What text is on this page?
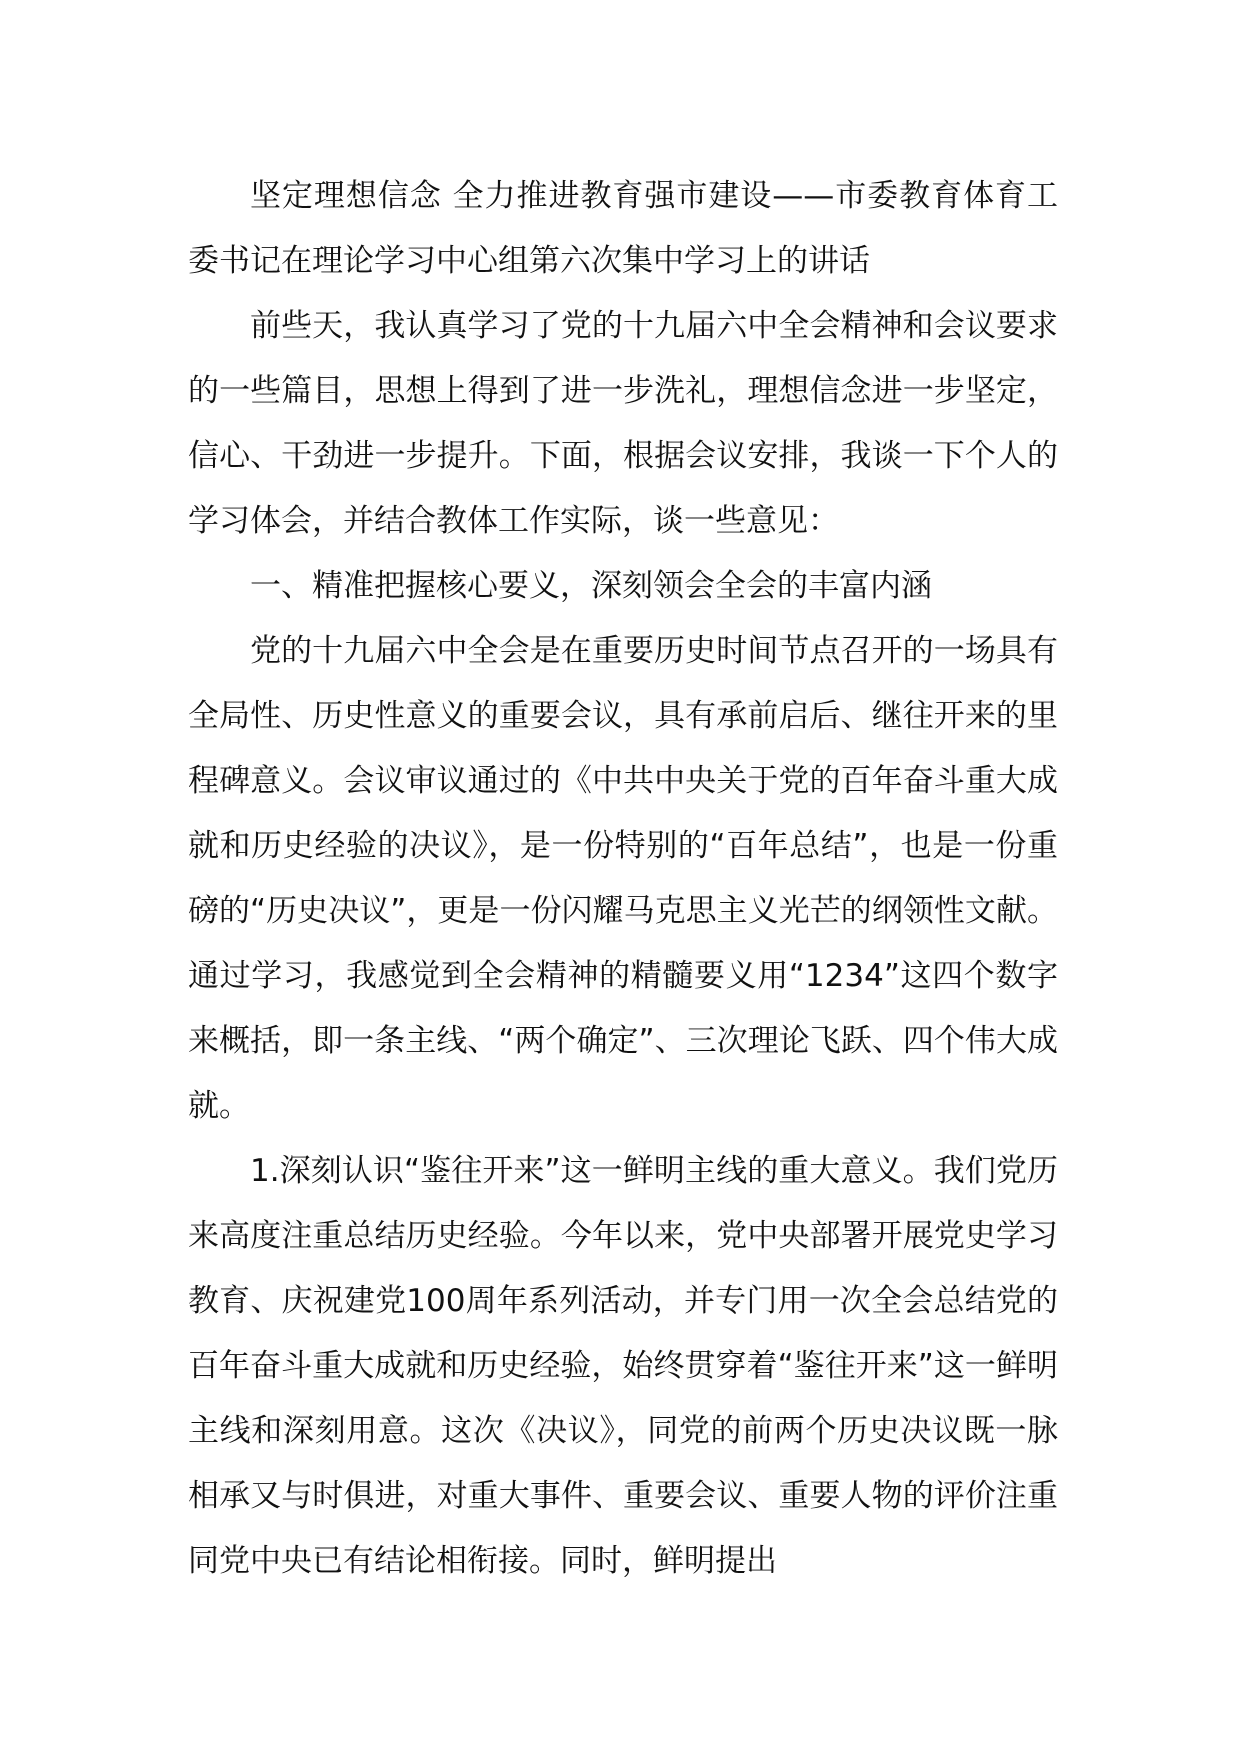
坚定理想信念 全力推进教育强市建设——市委教育体育工委书记在理论学习中心组第六次集中学习上的讲话

前些天，我认真学习了党的十九届六中全会精神和会议要求的一些篇目，思想上得到了进一步洗礼，理想信念进一步坚定，信心、干劲进一步提升。下面，根据会议安排，我谈一下个人的学习体会，并结合教体工作实际，谈一些意见：

一、精准把握核心要义，深刻领会全会的丰富内涵

党的十九届六中全会是在重要历史时间节点召开的一场具有全局性、历史性意义的重要会议，具有承前启后、继往开来的里程碑意义。会议审议通过的《中共中央关于党的百年奋斗重大成就和历史经验的决议》，是一份特别的“百年总结”，也是一份重磅的“历史决议”，更是一份闪耀马克思主义光芒的纲领性文献。通过学习，我感觉到全会精神的精髓要义用“1234”这四个数字来概括，即一条主线、“两个确定”、三次理论飞跃、四个伟大成就。

1.深刻认识“鉴往开来”这一鲜明主线的重大意义。我们党历来高度注重总结历史经验。今年以来，党中央部署开展党史学习教育、庆祝建党100周年系列活动，并专门用一次全会总结党的百年奋斗重大成就和历史经验，始终贯穿着“鉴往开来”这一鲜明主线和深刻用意。这次《决议》，同党的前两个历史决议既一脉相承又与时俱进，对重大事件、重要会议、重要人物的评价注重同党中央已有结论相衔接。同时，鲜明提出
